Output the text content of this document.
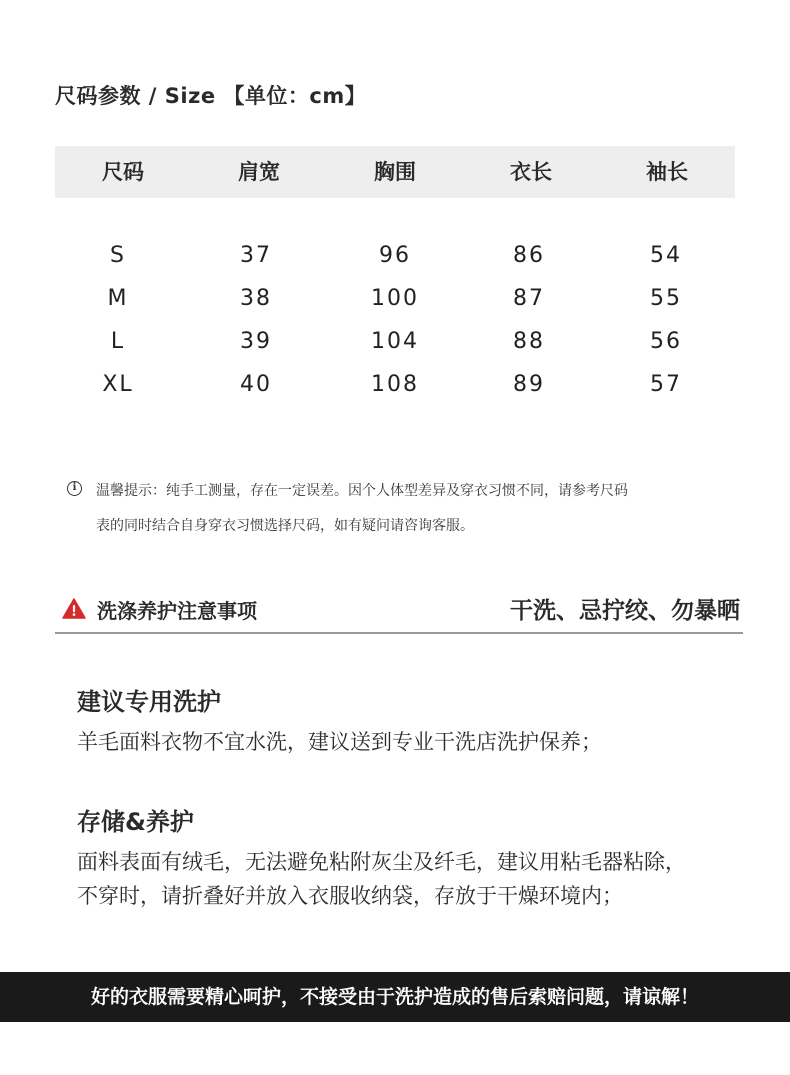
尺码参数 / Size 【单位：cm】
尺码	肩宽	胸围	衣长	袖长
S	37	96	86	54
M	38	100	87	55
L	39	104	88	56
XL	40	108	89	57
i	温馨提示：纯手工测量，存在一定误差。因个人体型差异及穿衣习惯不同，请参考尺码
表的同时结合自身穿衣习惯选择尺码，如有疑问请咨询客服。
洗涤养护注意事项	干洗、忌拧绞、勿暴晒
建议专用洗护
羊毛面料衣物不宜水洗，建议送到专业干洗店洗护保养；
存储&养护
面料表面有绒毛，无法避免粘附灰尘及纤毛，建议用粘毛器粘除，
不穿时，请折叠好并放入衣服收纳袋，存放于干燥环境内；
好的衣服需要精心呵护，不接受由于洗护造成的售后索赔问题，请谅解！
